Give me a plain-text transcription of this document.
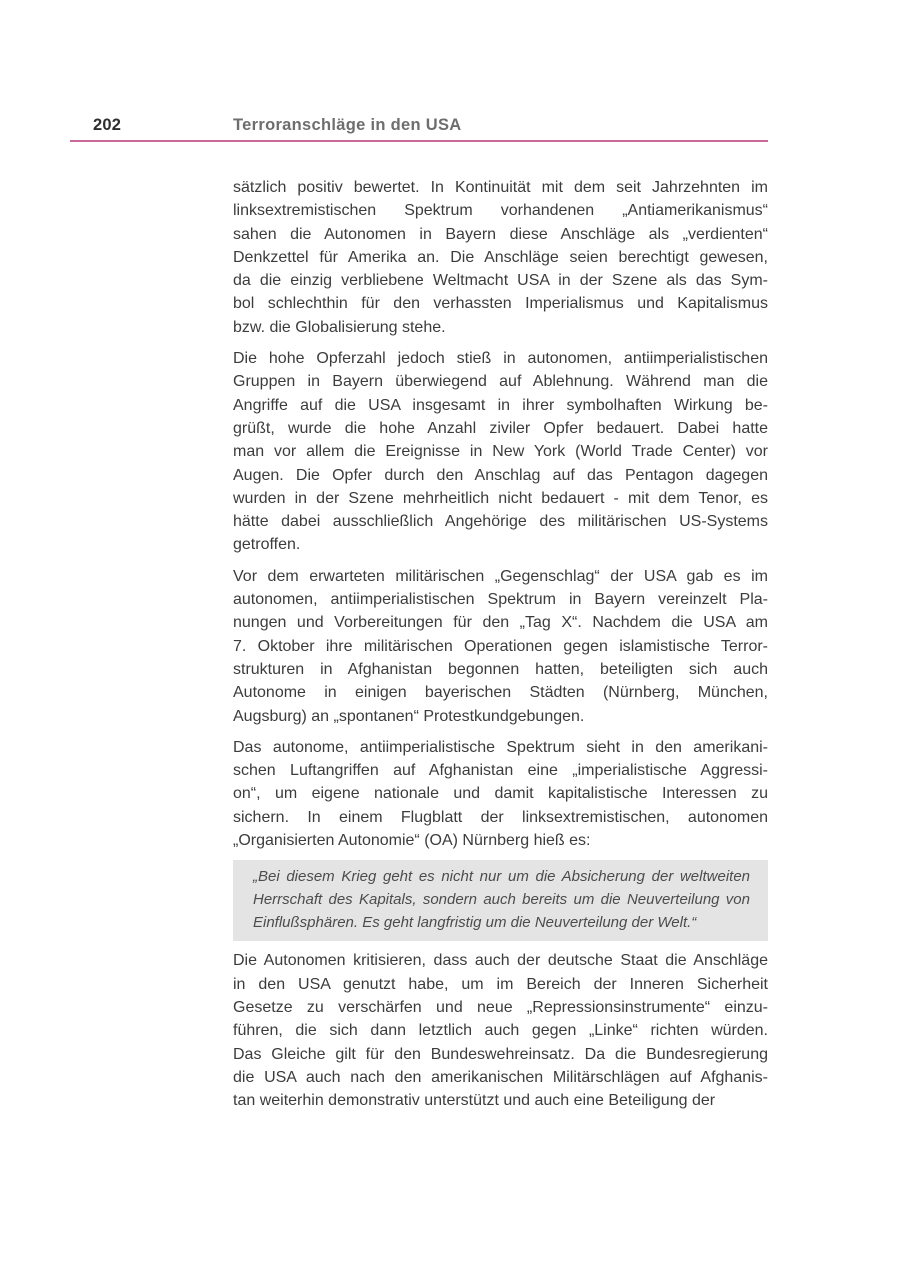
202	Terroranschläge in den USA
sätzlich positiv bewertet. In Kontinuität mit dem seit Jahrzehnten im
linksextremistischen Spektrum vorhandenen „Antiamerikanismus“
sahen die Autonomen in Bayern diese Anschläge als „verdienten“
Denkzettel für Amerika an. Die Anschläge seien berechtigt gewesen,
da die einzig verbliebene Weltmacht USA in der Szene als das Sym-
bol schlechthin für den verhassten Imperialismus und Kapitalismus
bzw. die Globalisierung stehe.
Die hohe Opferzahl jedoch stieß in autonomen, antiimperialistischen
Gruppen in Bayern überwiegend auf Ablehnung. Während man die
Angriffe auf die USA insgesamt in ihrer symbolhaften Wirkung be-
grüßt, wurde die hohe Anzahl ziviler Opfer bedauert. Dabei hatte
man vor allem die Ereignisse in New York (World Trade Center) vor
Augen. Die Opfer durch den Anschlag auf das Pentagon dagegen
wurden in der Szene mehrheitlich nicht bedauert - mit dem Tenor, es
hätte dabei ausschließlich Angehörige des militärischen US-Systems
getroffen.
Vor dem erwarteten militärischen „Gegenschlag“ der USA gab es im
autonomen, antiimperialistischen Spektrum in Bayern vereinzelt Pla-
nungen und Vorbereitungen für den „Tag X“. Nachdem die USA am
7. Oktober ihre militärischen Operationen gegen islamistische Terror-
strukturen in Afghanistan begonnen hatten, beteiligten sich auch
Autonome in einigen bayerischen Städten (Nürnberg, München,
Augsburg) an „spontanen“ Protestkundgebungen.
Das autonome, antiimperialistische Spektrum sieht in den amerikani-
schen Luftangriffen auf Afghanistan eine „imperialistische Aggressi-
on“, um eigene nationale und damit kapitalistische Interessen zu
sichern. In einem Flugblatt der linksextremistischen, autonomen
„Organisierten Autonomie“ (OA) Nürnberg hieß es:
„Bei diesem Krieg geht es nicht nur um die Absicherung der weltweiten
Herrschaft des Kapitals, sondern auch bereits um die Neuverteilung von
Einflußsphären. Es geht langfristig um die Neuverteilung der Welt.“
Die Autonomen kritisieren, dass auch der deutsche Staat die Anschläge
in den USA genutzt habe, um im Bereich der Inneren Sicherheit
Gesetze zu verschärfen und neue „Repressionsinstrumente“ einzu-
führen, die sich dann letztlich auch gegen „Linke“ richten würden.
Das Gleiche gilt für den Bundeswehreinsatz. Da die Bundesregierung
die USA auch nach den amerikanischen Militärschlägen auf Afghanis-
tan weiterhin demonstrativ unterstützt und auch eine Beteiligung der
